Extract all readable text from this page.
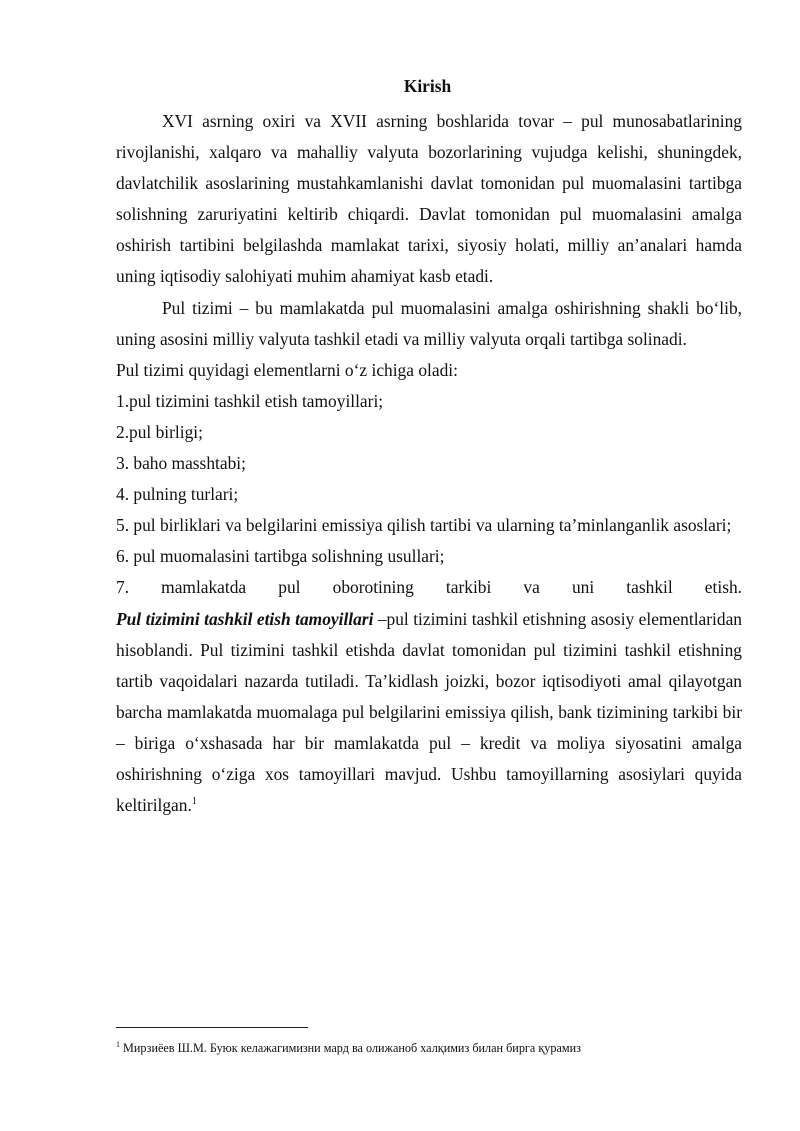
Kirish

XVI asrning oxiri va XVII asrning boshlarida tovar – pul munosabatlarining rivojlanishi, xalqaro va mahalliy valyuta bozorlarining vujudga kelishi, shuningdek, davlatchilik asoslarining mustahkamlanishi davlat tomonidan pul muomalasini tartibga solishning zaruriyatini keltirib chiqardi. Davlat tomonidan pul muomalasini amalga oshirish tartibini belgilashda mamlakat tarixi, siyosiy holati, milliy an’analari hamda uning iqtisodiy salohiyati muhim ahamiyat kasb etadi.

Pul tizimi – bu mamlakatda pul muomalasini amalga oshirishning shakli bo‘lib, uning asosini milliy valyuta tashkil etadi va milliy valyuta orqali tartibga solinadi.

Pul tizimi quyidagi elementlarni o‘z ichiga oladi:

1.pul tizimini tashkil etish tamoyillari;

2.pul birligi;

3. baho masshtabi;

4. pulning turlari;

5. pul birliklari va belgilarini emissiya qilish tartibi va ularning ta’minlanganlik asoslari;

6. pul muomalasini tartibga solishning usullari;

7. mamlakatda pul oborotining tarkibi va uni tashkil etish.

Pul tizimini tashkil etish tamoyillari –pul tizimini tashkil etishning asosiy elementlaridan hisoblandi. Pul tizimini tashkil etishda davlat tomonidan pul tizimini tashkil etishning tartib vaqoidalari nazarda tutiladi. Ta’kidlash joizki, bozor iqtisodiyoti amal qilayotgan barcha mamlakatda muomalaga pul belgilarini emissiya qilish, bank tizimining tarkibi bir – biriga o‘xshasada har bir mamlakatda pul – kredit va moliya siyosatini amalga oshirishning o‘ziga xos tamoyillari mavjud. Ushbu tamoyillarning asosiylari quyida keltirilgan.$^1$

$^1$ Мирзиёев Ш.М. Буюк келажагимизни мард ва олижаноб халқимиз билан бирга қурамиз
